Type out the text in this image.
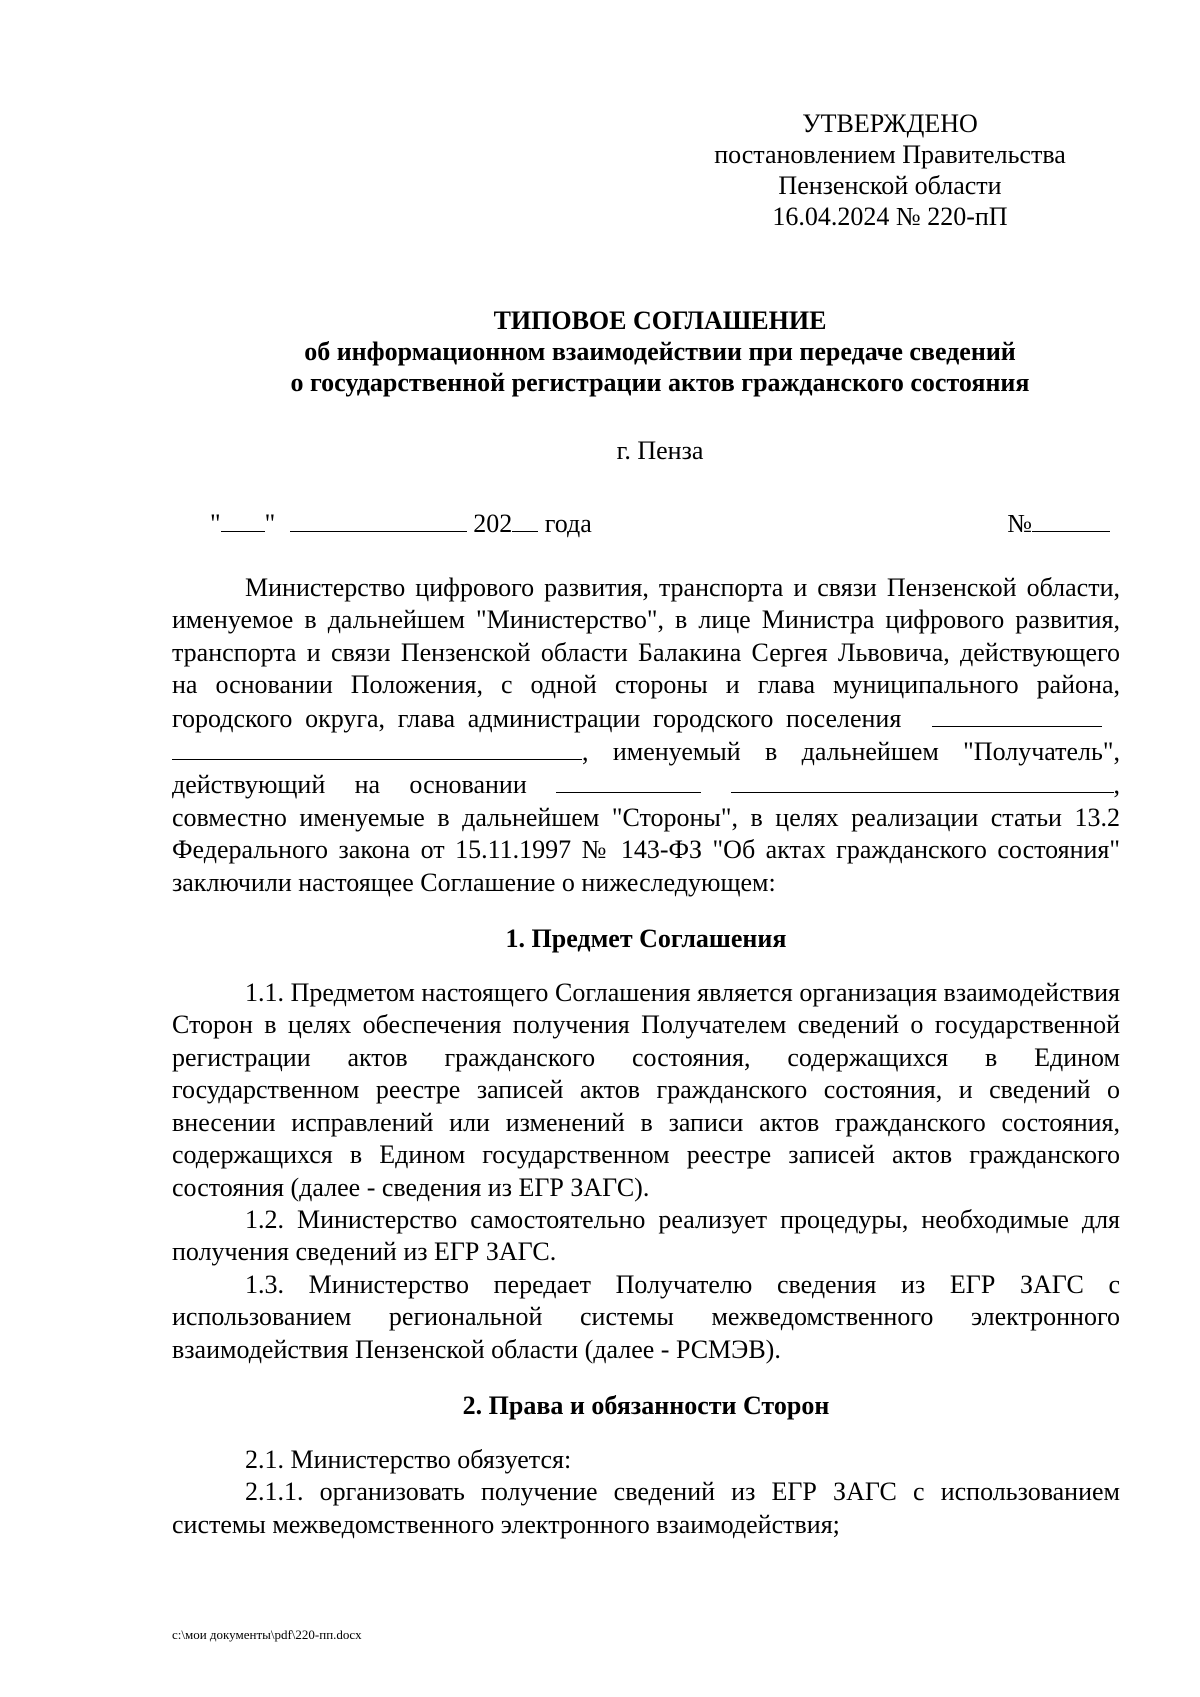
УТВЕРЖДЕНО
постановлением Правительства
Пензенской области
16.04.2024 № 220-пП
ТИПОВОЕ СОГЛАШЕНИЕ
об информационном взаимодействии при передаче сведений
о государственной регистрации актов гражданского состояния
г. Пенза
" "	202 года	№

Министерство цифрового развития, транспорта и связи Пензенской области, именуемое в дальнейшем "Министерство", в лице Министра цифрового развития, транспорта и связи Пензенской области Балакина Сергея Львовича, действующего на основании Положения, с одной стороны и глава муниципального района, городского округа, глава администрации городского поселения , именуемый в дальнейшем "Получатель", действующий на основании	, совместно именуемые в дальнейшем "Стороны", в целях реализации статьи 13.2 Федерального закона от 15.11.1997 № 143-ФЗ "Об актах гражданского состояния" заключили настоящее Соглашение о нижеследующем:

1. Предмет Соглашения

1.1. Предметом настоящего Соглашения является организация взаимодействия Сторон в целях обеспечения получения Получателем сведений о государственной регистрации актов гражданского состояния, содержащихся в Едином государственном реестре записей актов гражданского состояния, и сведений о внесении исправлений или изменений в записи актов гражданского состояния, содержащихся в Едином государственном реестре записей актов гражданского состояния (далее - сведения из ЕГР ЗАГС).

1.2. Министерство самостоятельно реализует процедуры, необходимые для получения сведений из ЕГР ЗАГС.

1.3. Министерство передает Получателю сведения из ЕГР ЗАГС с использованием региональной системы межведомственного электронного взаимодействия Пензенской области (далее - РСМЭВ).

2. Права и обязанности Сторон

2.1. Министерство обязуется:

2.1.1. организовать получение сведений из ЕГР ЗАГС с использованием системы межведомственного электронного взаимодействия;

c:\мои документы\pdf\220-пп.docx
